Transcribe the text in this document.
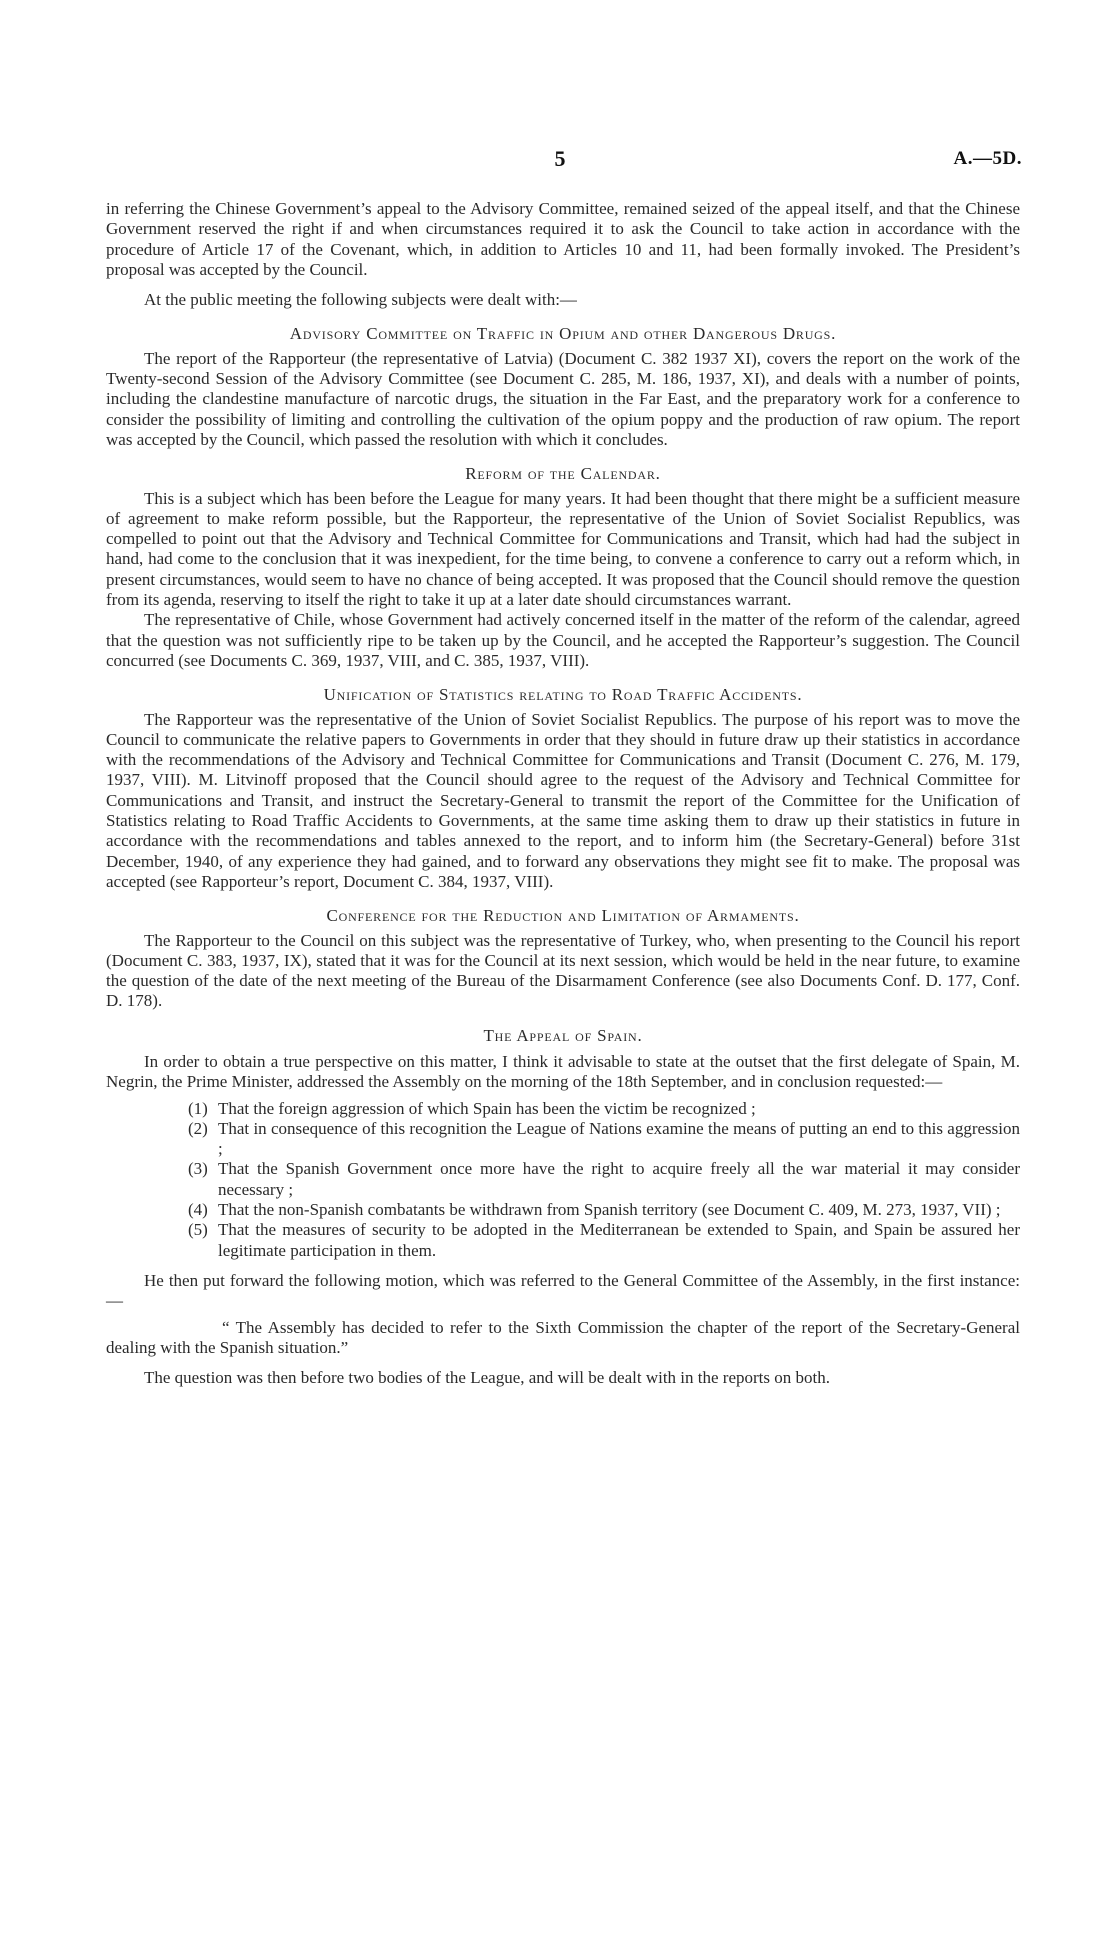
5	A.—5D.

in referring the Chinese Government’s appeal to the Advisory Committee, remained seized of the appeal itself, and that the Chinese Government reserved the right if and when circumstances required it to ask the Council to take action in accordance with the procedure of Article 17 of the Covenant, which, in addition to Articles 10 and 11, had been formally invoked. The President’s proposal was accepted by the Council.

At the public meeting the following subjects were dealt with:—

Advisory Committee on Traffic in Opium and other Dangerous Drugs.

The report of the Rapporteur (the representative of Latvia) (Document C. 382 1937 XI), covers the report on the work of the Twenty-second Session of the Advisory Committee (see Document C. 285, M. 186, 1937, XI), and deals with a number of points, including the clandestine manufacture of narcotic drugs, the situation in the Far East, and the preparatory work for a conference to consider the possibility of limiting and controlling the cultivation of the opium poppy and the production of raw opium. The report was accepted by the Council, which passed the resolution with which it concludes.

Reform of the Calendar.

This is a subject which has been before the League for many years. It had been thought that there might be a sufficient measure of agreement to make reform possible, but the Rapporteur, the representative of the Union of Soviet Socialist Republics, was compelled to point out that the Advisory and Technical Committee for Communications and Transit, which had had the subject in hand, had come to the conclusion that it was inexpedient, for the time being, to convene a conference to carry out a reform which, in present circumstances, would seem to have no chance of being accepted. It was proposed that the Council should remove the question from its agenda, reserving to itself the right to take it up at a later date should circumstances warrant.

The representative of Chile, whose Government had actively concerned itself in the matter of the reform of the calendar, agreed that the question was not sufficiently ripe to be taken up by the Council, and he accepted the Rapporteur’s suggestion. The Council concurred (see Documents C. 369, 1937, VIII, and C. 385, 1937, VIII).

Unification of Statistics relating to Road Traffic Accidents.

The Rapporteur was the representative of the Union of Soviet Socialist Republics. The purpose of his report was to move the Council to communicate the relative papers to Governments in order that they should in future draw up their statistics in accordance with the recommendations of the Advisory and Technical Committee for Communications and Transit (Document C. 276, M. 179, 1937, VIII). M. Litvinoff proposed that the Council should agree to the request of the Advisory and Technical Committee for Communications and Transit, and instruct the Secretary-General to transmit the report of the Committee for the Unification of Statistics relating to Road Traffic Accidents to Governments, at the same time asking them to draw up their statistics in future in accordance with the recommendations and tables annexed to the report, and to inform him (the Secretary-General) before 31st December, 1940, of any experience they had gained, and to forward any observations they might see fit to make. The proposal was accepted (see Rapporteur’s report, Document C. 384, 1937, VIII).

Conference for the Reduction and Limitation of Armaments.

The Rapporteur to the Council on this subject was the representative of Turkey, who, when presenting to the Council his report (Document C. 383, 1937, IX), stated that it was for the Council at its next session, which would be held in the near future, to examine the question of the date of the next meeting of the Bureau of the Disarmament Conference (see also Documents Conf. D. 177, Conf. D. 178).

The Appeal of Spain.

In order to obtain a true perspective on this matter, I think it advisable to state at the outset that the first delegate of Spain, M. Negrin, the Prime Minister, addressed the Assembly on the morning of the 18th September, and in conclusion requested:—

(1) That the foreign aggression of which Spain has been the victim be recognized ;
(2) That in consequence of this recognition the League of Nations examine the means of putting an end to this aggression ;
(3) That the Spanish Government once more have the right to acquire freely all the war material it may consider necessary ;
(4) That the non-Spanish combatants be withdrawn from Spanish territory (see Document C. 409, M. 273, 1937, VII) ;
(5) That the measures of security to be adopted in the Mediterranean be extended to Spain, and Spain be assured her legitimate participation in them.

He then put forward the following motion, which was referred to the General Committee of the Assembly, in the first instance:—

“ The Assembly has decided to refer to the Sixth Commission the chapter of the report of the Secretary-General dealing with the Spanish situation.”

The question was then before two bodies of the League, and will be dealt with in the reports on both.
